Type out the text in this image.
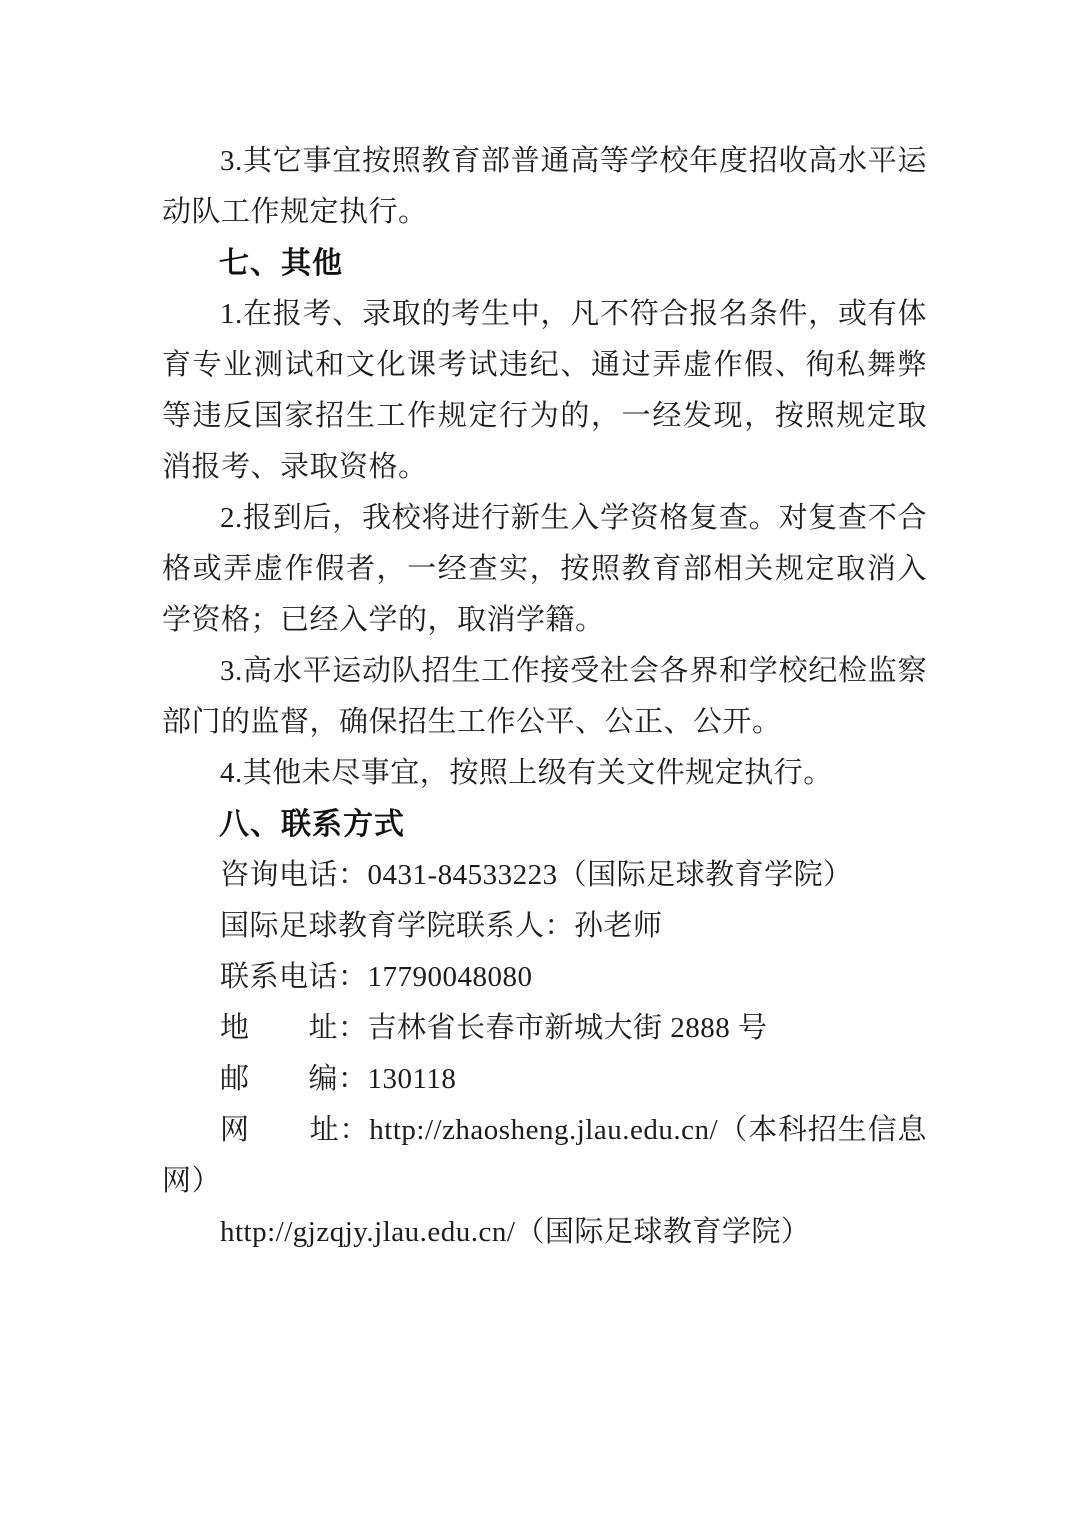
3.其它事宜按照教育部普通高等学校年度招收高水平运动队工作规定执行。

七、其他

1.在报考、录取的考生中，凡不符合报名条件，或有体育专业测试和文化课考试违纪、通过弄虚作假、徇私舞弊等违反国家招生工作规定行为的，一经发现，按照规定取消报考、录取资格。

2.报到后，我校将进行新生入学资格复查。对复查不合格或弄虚作假者，一经查实，按照教育部相关规定取消入学资格；已经入学的，取消学籍。

3.高水平运动队招生工作接受社会各界和学校纪检监察部门的监督，确保招生工作公平、公正、公开。

4.其他未尽事宜，按照上级有关文件规定执行。

八、联系方式

咨询电话：0431-84533223（国际足球教育学院）

国际足球教育学院联系人：孙老师

联系电话：17790048080

地　　址：吉林省长春市新城大街 2888 号

邮　　编：130118

网　　址：http://zhaosheng.jlau.edu.cn/（本科招生信息网）

http://gjzqjy.jlau.edu.cn/（国际足球教育学院）
